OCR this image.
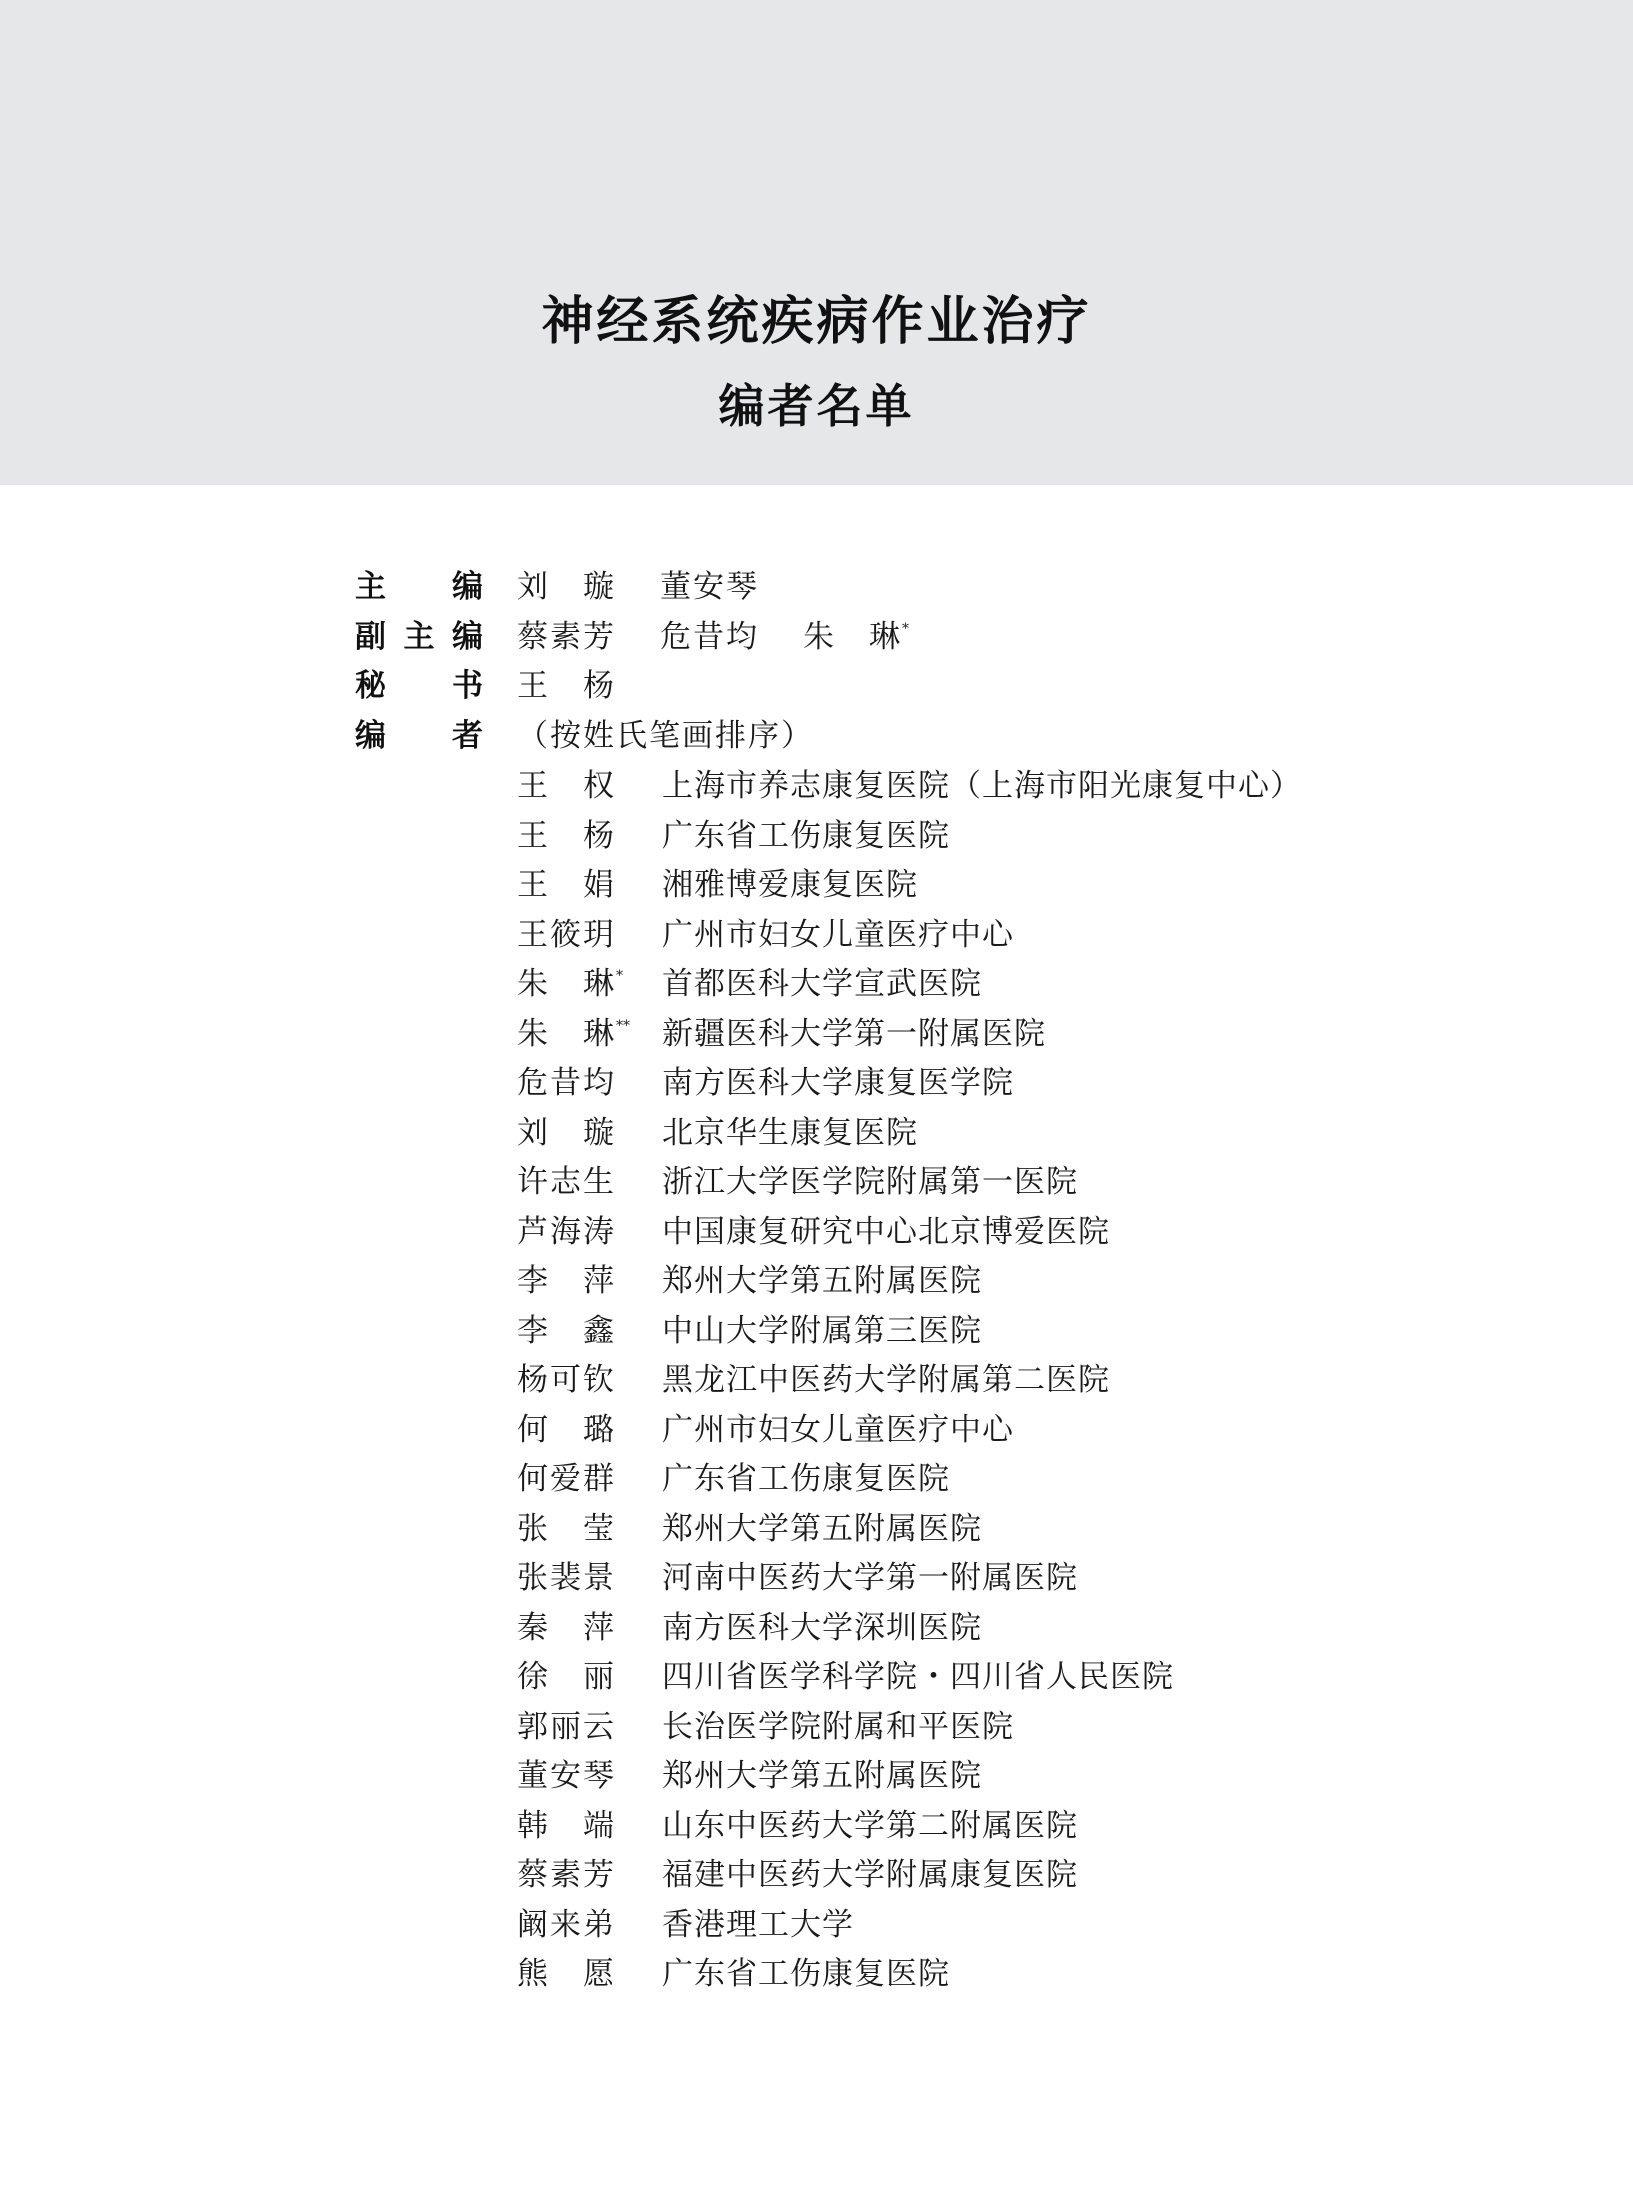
神经系统疾病作业治疗
编者名单
主编 刘　璇 董安琴
副主编 蔡素芳 危昔均 朱　琳*
秘书 王　杨
编者 （按姓氏笔画排序）
王　权 上海市养志康复医院（上海市阳光康复中心）
王　杨 广东省工伤康复医院
王　娟 湘雅博爱康复医院
王筱玥 广州市妇女儿童医疗中心
朱　琳* 首都医科大学宣武医院
朱　琳** 新疆医科大学第一附属医院
危昔均 南方医科大学康复医学院
刘　璇 北京华生康复医院
许志生 浙江大学医学院附属第一医院
芦海涛 中国康复研究中心北京博爱医院
李　萍 郑州大学第五附属医院
李　鑫 中山大学附属第三医院
杨可钦 黑龙江中医药大学附属第二医院
何　璐 广州市妇女儿童医疗中心
何爱群 广东省工伤康复医院
张　莹 郑州大学第五附属医院
张裴景 河南中医药大学第一附属医院
秦　萍 南方医科大学深圳医院
徐　丽 四川省医学科学院・四川省人民医院
郭丽云 长治医学院附属和平医院
董安琴 郑州大学第五附属医院
韩　端 山东中医药大学第二附属医院
蔡素芳 福建中医药大学附属康复医院
阚来弟 香港理工大学
熊　愿 广东省工伤康复医院
